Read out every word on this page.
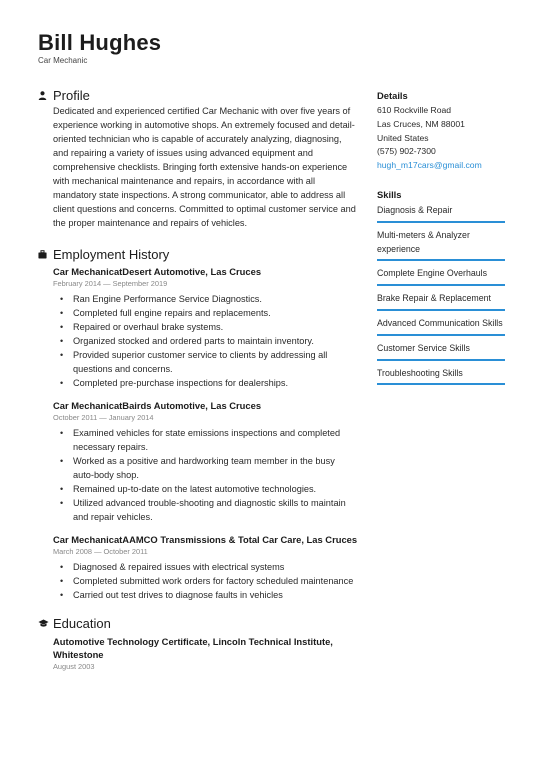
Bill Hughes
Car Mechanic
Profile

Dedicated and experienced certified Car Mechanic with over five years of experience working in automotive shops. An extremely focused and detail-oriented technician who is capable of accurately analyzing, diagnosing, and repairing a variety of issues using advanced equipment and comprehensive checklists. Bringing forth extensive hands-on experience with mechanical maintenance and repairs, in accordance with all mandatory state inspections. A strong communicator, able to address all client questions and concerns. Committed to optimal customer service and the proper maintenance and repairs of vehicles.

Employment History
Car MechanicatDesert Automotive, Las Cruces
February 2014 — September 2019
• Ran Engine Performance Service Diagnostics.
• Completed full engine repairs and replacements.
• Repaired or overhaul brake systems.
• Organized stocked and ordered parts to maintain inventory.
• Provided superior customer service to clients by addressing all questions and concerns.
• Completed pre-purchase inspections for dealerships.
Car MechanicatBairds Automotive, Las Cruces
October 2011 — January 2014
• Examined vehicles for state emissions inspections and completed necessary repairs.
• Worked as a positive and hardworking team member in the busy auto-body shop.
• Remained up-to-date on the latest automotive technologies.
• Utilized advanced trouble-shooting and diagnostic skills to maintain and repair vehicles.
Car MechanicatAAMCO Transmissions & Total Car Care, Las Cruces
March 2008 — October 2011
• Diagnosed & repaired issues with electrical systems
• Completed submitted work orders for factory scheduled maintenance
• Carried out test drives to diagnose faults in vehicles
Education
Automotive Technology Certificate, Lincoln Technical Institute, Whitestone
August 2003
Details
610 Rockville Road
Las Cruces, NM 88001
United States
(575) 902-7300
hugh_m17cars@gmail.com
Skills
Diagnosis & Repair
Multi-meters & Analyzer experience
Complete Engine Overhauls
Brake Repair & Replacement
Advanced Communication Skills
Customer Service Skills
Troubleshooting Skills
